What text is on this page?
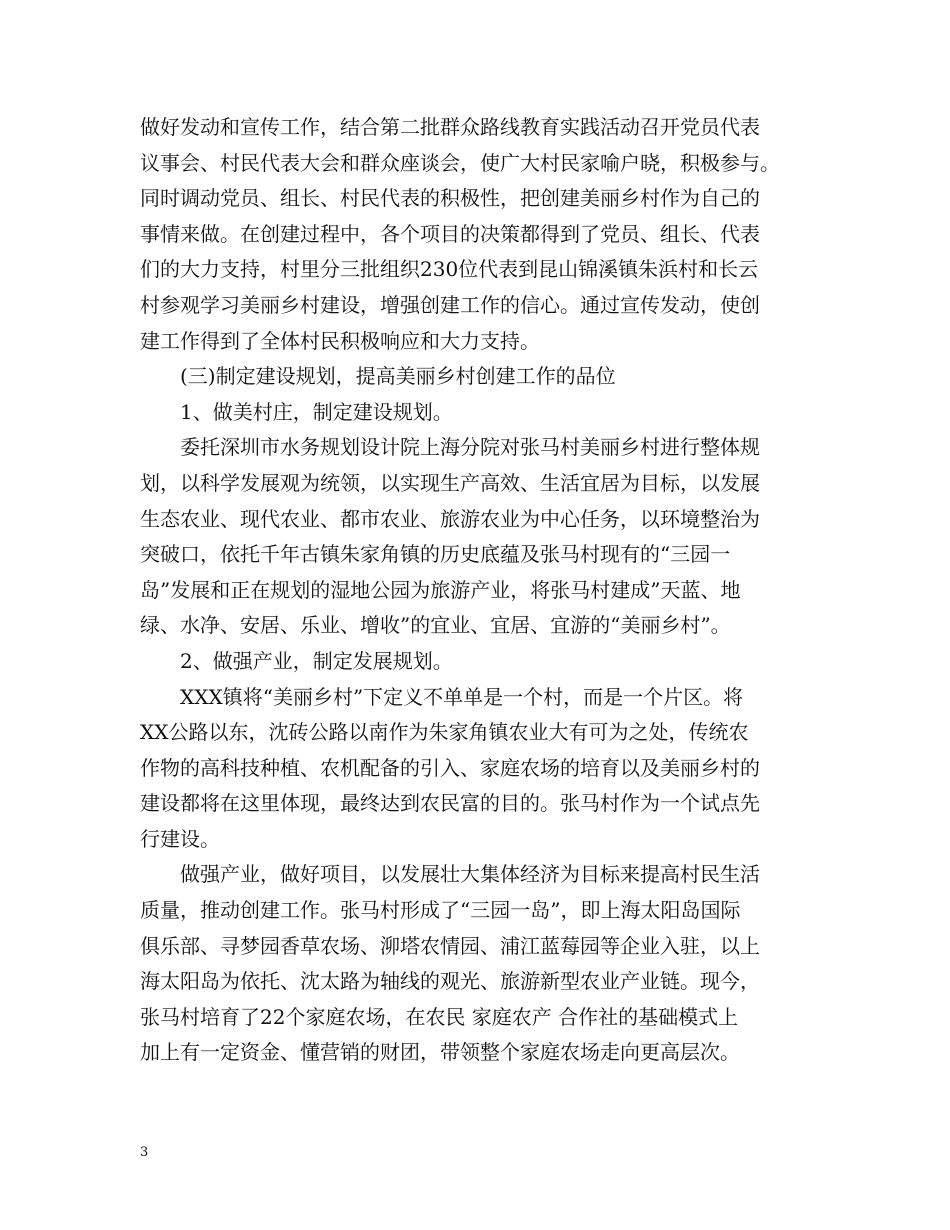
做好发动和宣传工作，结合第二批群众路线教育实践活动召开党员代表
议事会、村民代表大会和群众座谈会，使广大村民家喻户晓，积极参与。
同时调动党员、组长、村民代表的积极性，把创建美丽乡村作为自己的
事情来做。在创建过程中，各个项目的决策都得到了党员、组长、代表
们的大力支持，村里分三批组织230位代表到昆山锦溪镇朱浜村和长云
村参观学习美丽乡村建设，增强创建工作的信心。通过宣传发动，使创
建工作得到了全体村民积极响应和大力支持。
(三)制定建设规划，提高美丽乡村创建工作的品位
1、做美村庄，制定建设规划。
委托深圳市水务规划设计院上海分院对张马村美丽乡村进行整体规
划，以科学发展观为统领，以实现生产高效、生活宜居为目标，以发展
生态农业、现代农业、都市农业、旅游农业为中心任务，以环境整治为
突破口，依托千年古镇朱家角镇的历史底蕴及张马村现有的“三园一
岛”发展和正在规划的湿地公园为旅游产业，将张马村建成”天蓝、地
绿、水净、安居、乐业、增收”的宜业、宜居、宜游的“美丽乡村”。
2、做强产业，制定发展规划。
XXX镇将“美丽乡村”下定义不单单是一个村，而是一个片区。将
XX公路以东，沈砖公路以南作为朱家角镇农业大有可为之处，传统农
作物的高科技种植、农机配备的引入、家庭农场的培育以及美丽乡村的
建设都将在这里体现，最终达到农民富的目的。张马村作为一个试点先
行建设。
做强产业，做好项目，以发展壮大集体经济为目标来提高村民生活
质量，推动创建工作。张马村形成了“三园一岛”，即上海太阳岛国际
俱乐部、寻梦园香草农场、泖塔农情园、浦江蓝莓园等企业入驻，以上
海太阳岛为依托、沈太路为轴线的观光、旅游新型农业产业链。现今，
张马村培育了22个家庭农场，在农民 家庭农产 合作社的基础模式上
加上有一定资金、懂营销的财团，带领整个家庭农场走向更高层次。
3
